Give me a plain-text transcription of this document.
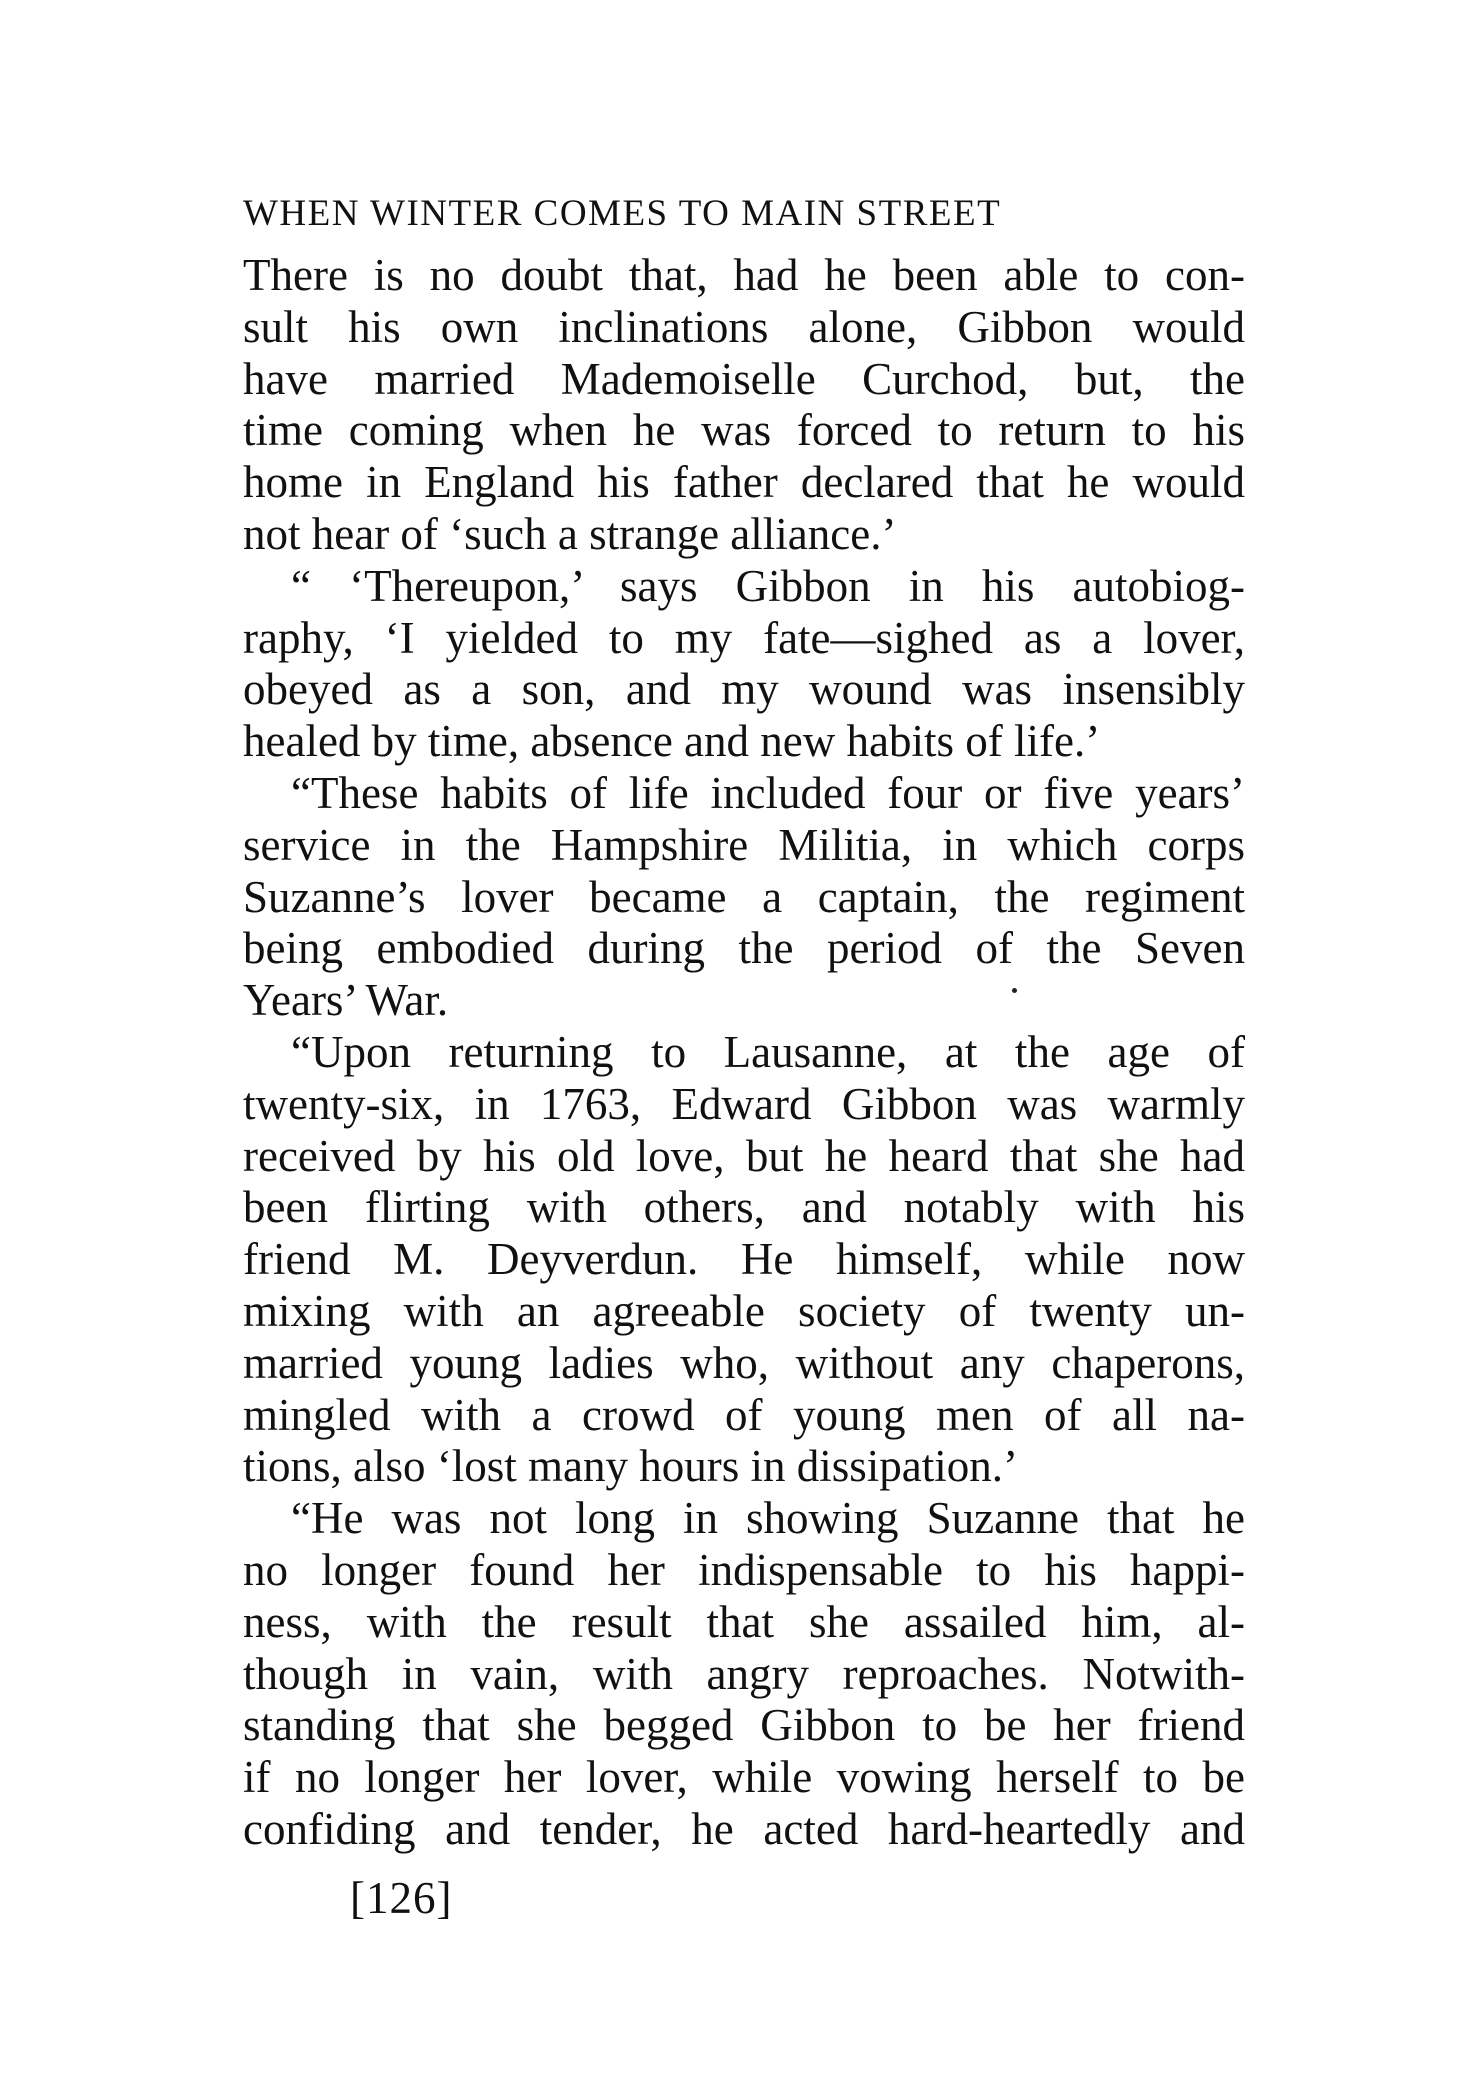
WHEN WINTER COMES TO MAIN STREET
There is no doubt that, had he been able to con-
sult his own inclinations alone, Gibbon would
have married Mademoiselle Curchod, but, the
time coming when he was forced to return to his
home in England his father declared that he would
not hear of ‘such a strange alliance.’
“ ‘Thereupon,’ says Gibbon in his autobiog-
raphy, ‘I yielded to my fate—sighed as a lover,
obeyed as a son, and my wound was insensibly
healed by time, absence and new habits of life.’
“These habits of life included four or five years’
service in the Hampshire Militia, in which corps
Suzanne’s lover became a captain, the regiment
being embodied during the period of the Seven
Years’ War.
“Upon returning to Lausanne, at the age of
twenty-six, in 1763, Edward Gibbon was warmly
received by his old love, but he heard that she had
been flirting with others, and notably with his
friend M. Deyverdun. He himself, while now
mixing with an agreeable society of twenty un-
married young ladies who, without any chaperons,
mingled with a crowd of young men of all na-
tions, also ‘lost many hours in dissipation.’
“He was not long in showing Suzanne that he
no longer found her indispensable to his happi-
ness, with the result that she assailed him, al-
though in vain, with angry reproaches. Notwith-
standing that she begged Gibbon to be her friend
if no longer her lover, while vowing herself to be
confiding and tender, he acted hard-heartedly and
[126]
